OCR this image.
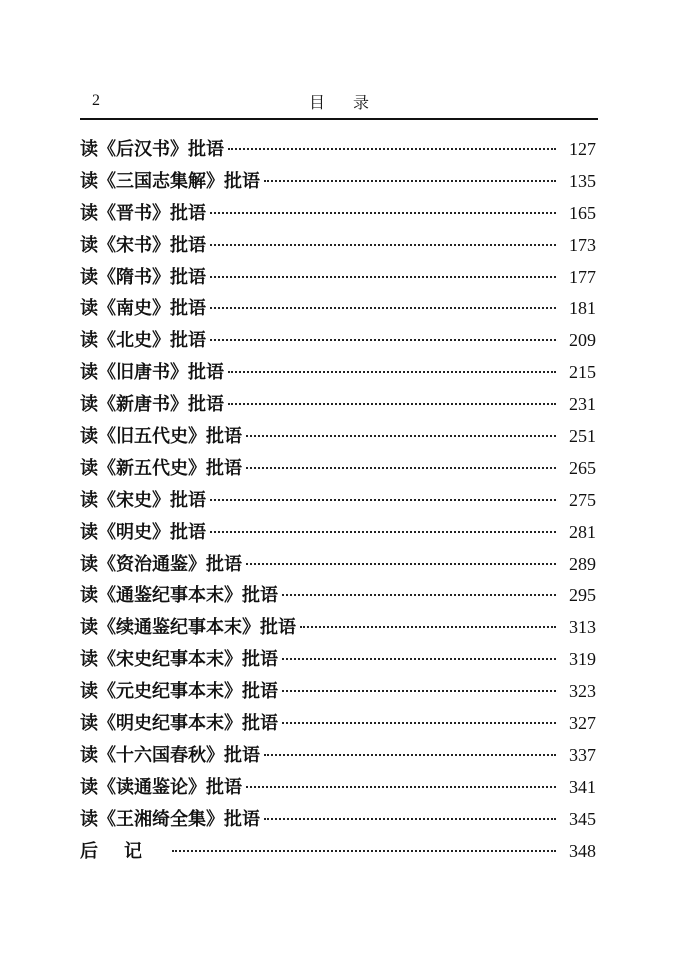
2	目录
读《后汉书》批语	127
读《三国志集解》批语	135
读《晋书》批语	165
读《宋书》批语	173
读《隋书》批语	177
读《南史》批语	181
读《北史》批语	209
读《旧唐书》批语	215
读《新唐书》批语	231
读《旧五代史》批语	251
读《新五代史》批语	265
读《宋史》批语	275
读《明史》批语	281
读《资治通鉴》批语	289
读《通鉴纪事本末》批语	295
读《续通鉴纪事本末》批语	313
读《宋史纪事本末》批语	319
读《元史纪事本末》批语	323
读《明史纪事本末》批语	327
读《十六国春秋》批语	337
读《读通鉴论》批语	341
读《王湘绮全集》批语	345
后记	348
